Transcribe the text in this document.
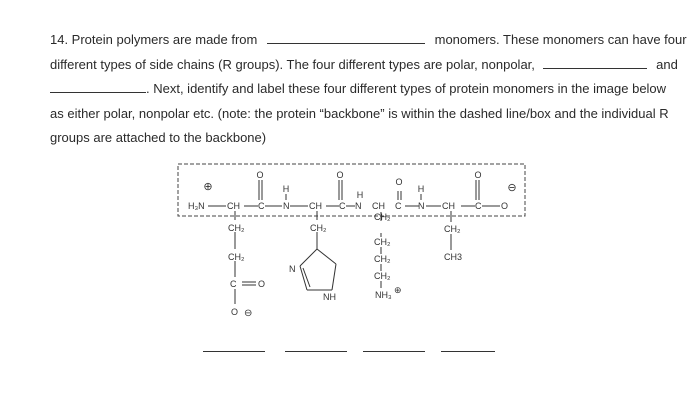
14. Protein polymers are made from	monomers. These monomers can have four
different types of side chains (R groups). The four different types are polar, nonpolar,	and
. Next, identify and label these four different types of protein monomers in the image below
as either polar, nonpolar etc. (note: the protein “backbone” is within the dashed line/box and the individual R
groups are attached to the backbone)
⊕
H₃N CH C
O
H
N CH
O
C N
H
CH
O
C
H
N CH
O
C O
⊖
CH₂
CH₂
C O
O ⊖
CH₂
N
NH
CH₂
CH₂
CH₂
CH₂
NH₃ ⊕
CH₂
CH3
